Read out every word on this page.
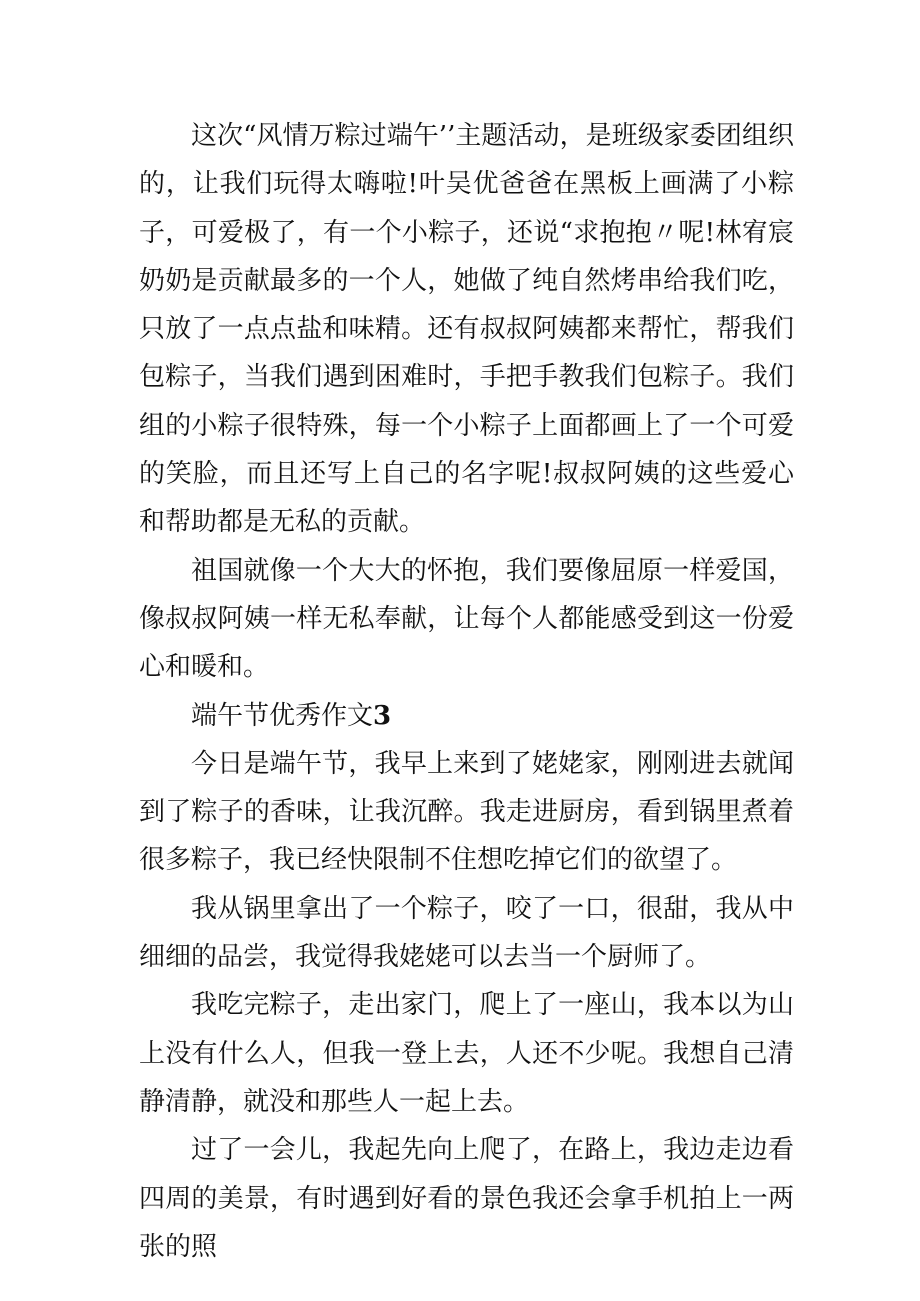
这次“风情万粽过端午’’主题活动，是班级家委团组织的，让我们玩得太嗨啦!叶吴优爸爸在黑板上画满了小粽子，可爱极了，有一个小粽子，还说“求抱抱〃呢!林宥宸奶奶是贡献最多的一个人，她做了纯自然烤串给我们吃，只放了一点点盐和味精。还有叔叔阿姨都来帮忙，帮我们包粽子，当我们遇到困难时，手把手教我们包粽子。我们组的小粽子很特殊，每一个小粽子上面都画上了一个可爱的笑脸，而且还写上自己的名字呢!叔叔阿姨的这些爱心和帮助都是无私的贡献。

祖国就像一个大大的怀抱，我们要像屈原一样爱国，像叔叔阿姨一样无私奉献，让每个人都能感受到这一份爱心和暖和。

端午节优秀作文3

今日是端午节，我早上来到了姥姥家，刚刚进去就闻到了粽子的香味，让我沉醉。我走进厨房，看到锅里煮着很多粽子，我已经快限制不住想吃掉它们的欲望了。

我从锅里拿出了一个粽子，咬了一口，很甜，我从中细细的品尝，我觉得我姥姥可以去当一个厨师了。

我吃完粽子，走出家门，爬上了一座山，我本以为山上没有什么人，但我一登上去，人还不少呢。我想自己清静清静，就没和那些人一起上去。

过了一会儿，我起先向上爬了，在路上，我边走边看四周的美景，有时遇到好看的景色我还会拿手机拍上一两张的照
